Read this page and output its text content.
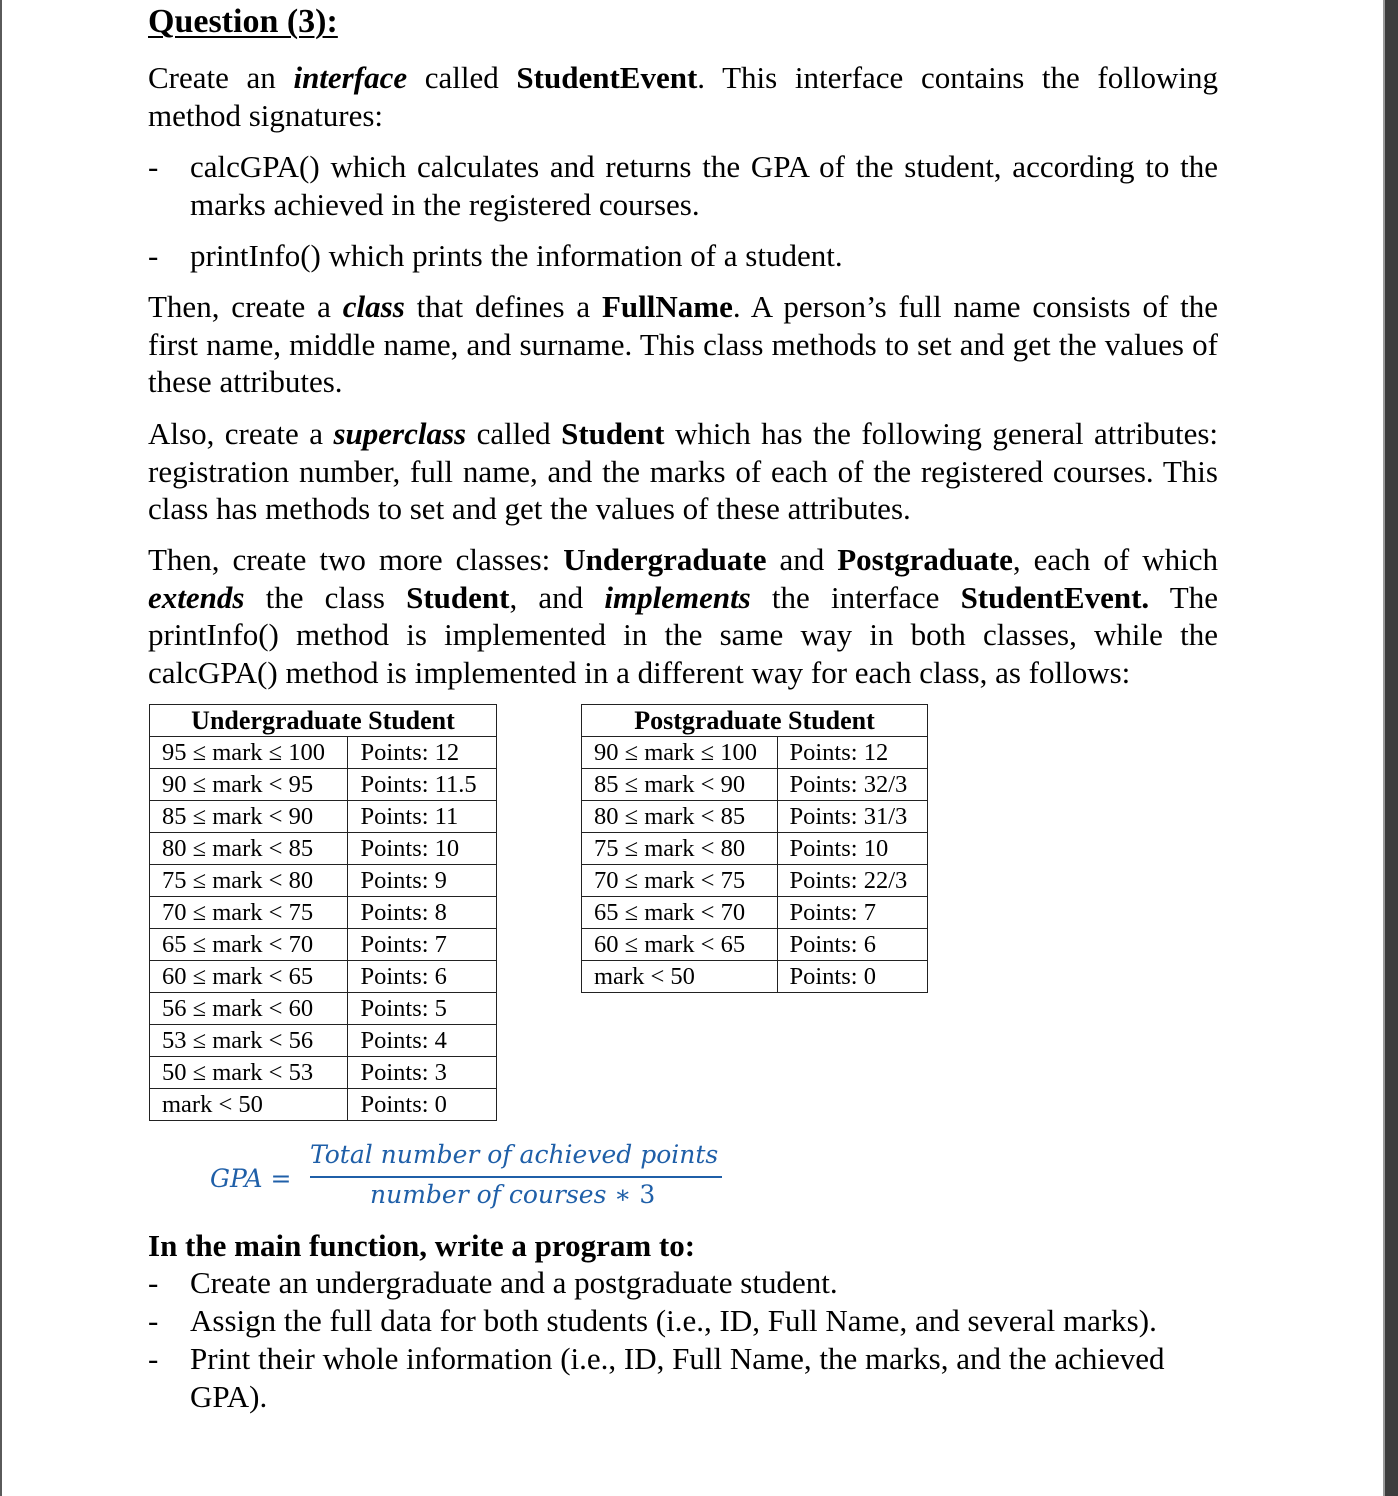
Question (3):

Create an interface called StudentEvent. This interface contains the following method signatures:

- calcGPA() which calculates and returns the GPA of the student, according to the marks achieved in the registered courses.
- printInfo() which prints the information of a student.

Then, create a class that defines a FullName. A person’s full name consists of the first name, middle name, and surname. This class methods to set and get the values of these attributes.

Also, create a superclass called Student which has the following general attributes: registration number, full name, and the marks of each of the registered courses. This class has methods to set and get the values of these attributes.

Then, create two more classes: Undergraduate and Postgraduate, each of which extends the class Student, and implements the interface StudentEvent. The printInfo() method is implemented in the same way in both classes, while the calcGPA() method is implemented in a different way for each class, as follows:

Undergraduate Student	
95 ≤ mark ≤ 100	Points: 12
90 ≤ mark < 95	Points: 11.5
85 ≤ mark < 90	Points: 11
80 ≤ mark < 85	Points: 10
75 ≤ mark < 80	Points: 9
70 ≤ mark < 75	Points: 8
65 ≤ mark < 70	Points: 7
60 ≤ mark < 65	Points: 6
56 ≤ mark < 60	Points: 5
53 ≤ mark < 56	Points: 4
50 ≤ mark < 53	Points: 3
mark < 50	Points: 0
Postgraduate Student	
90 ≤ mark ≤ 100	Points: 12
85 ≤ mark < 90	Points: 32/3
80 ≤ mark < 85	Points: 31/3
75 ≤ mark < 80	Points: 10
70 ≤ mark < 75	Points: 22/3
65 ≤ mark < 70	Points: 7
60 ≤ mark < 65	Points: 6
mark < 50	Points: 0
GPA =
Total number of achieved points
number of courses ∗ 3

In the main function, write a program to:

- Create an undergraduate and a postgraduate student.
- Assign the full data for both students (i.e., ID, Full Name, and several marks).
- Print their whole information (i.e., ID, Full Name, the marks, and the achieved GPA).
